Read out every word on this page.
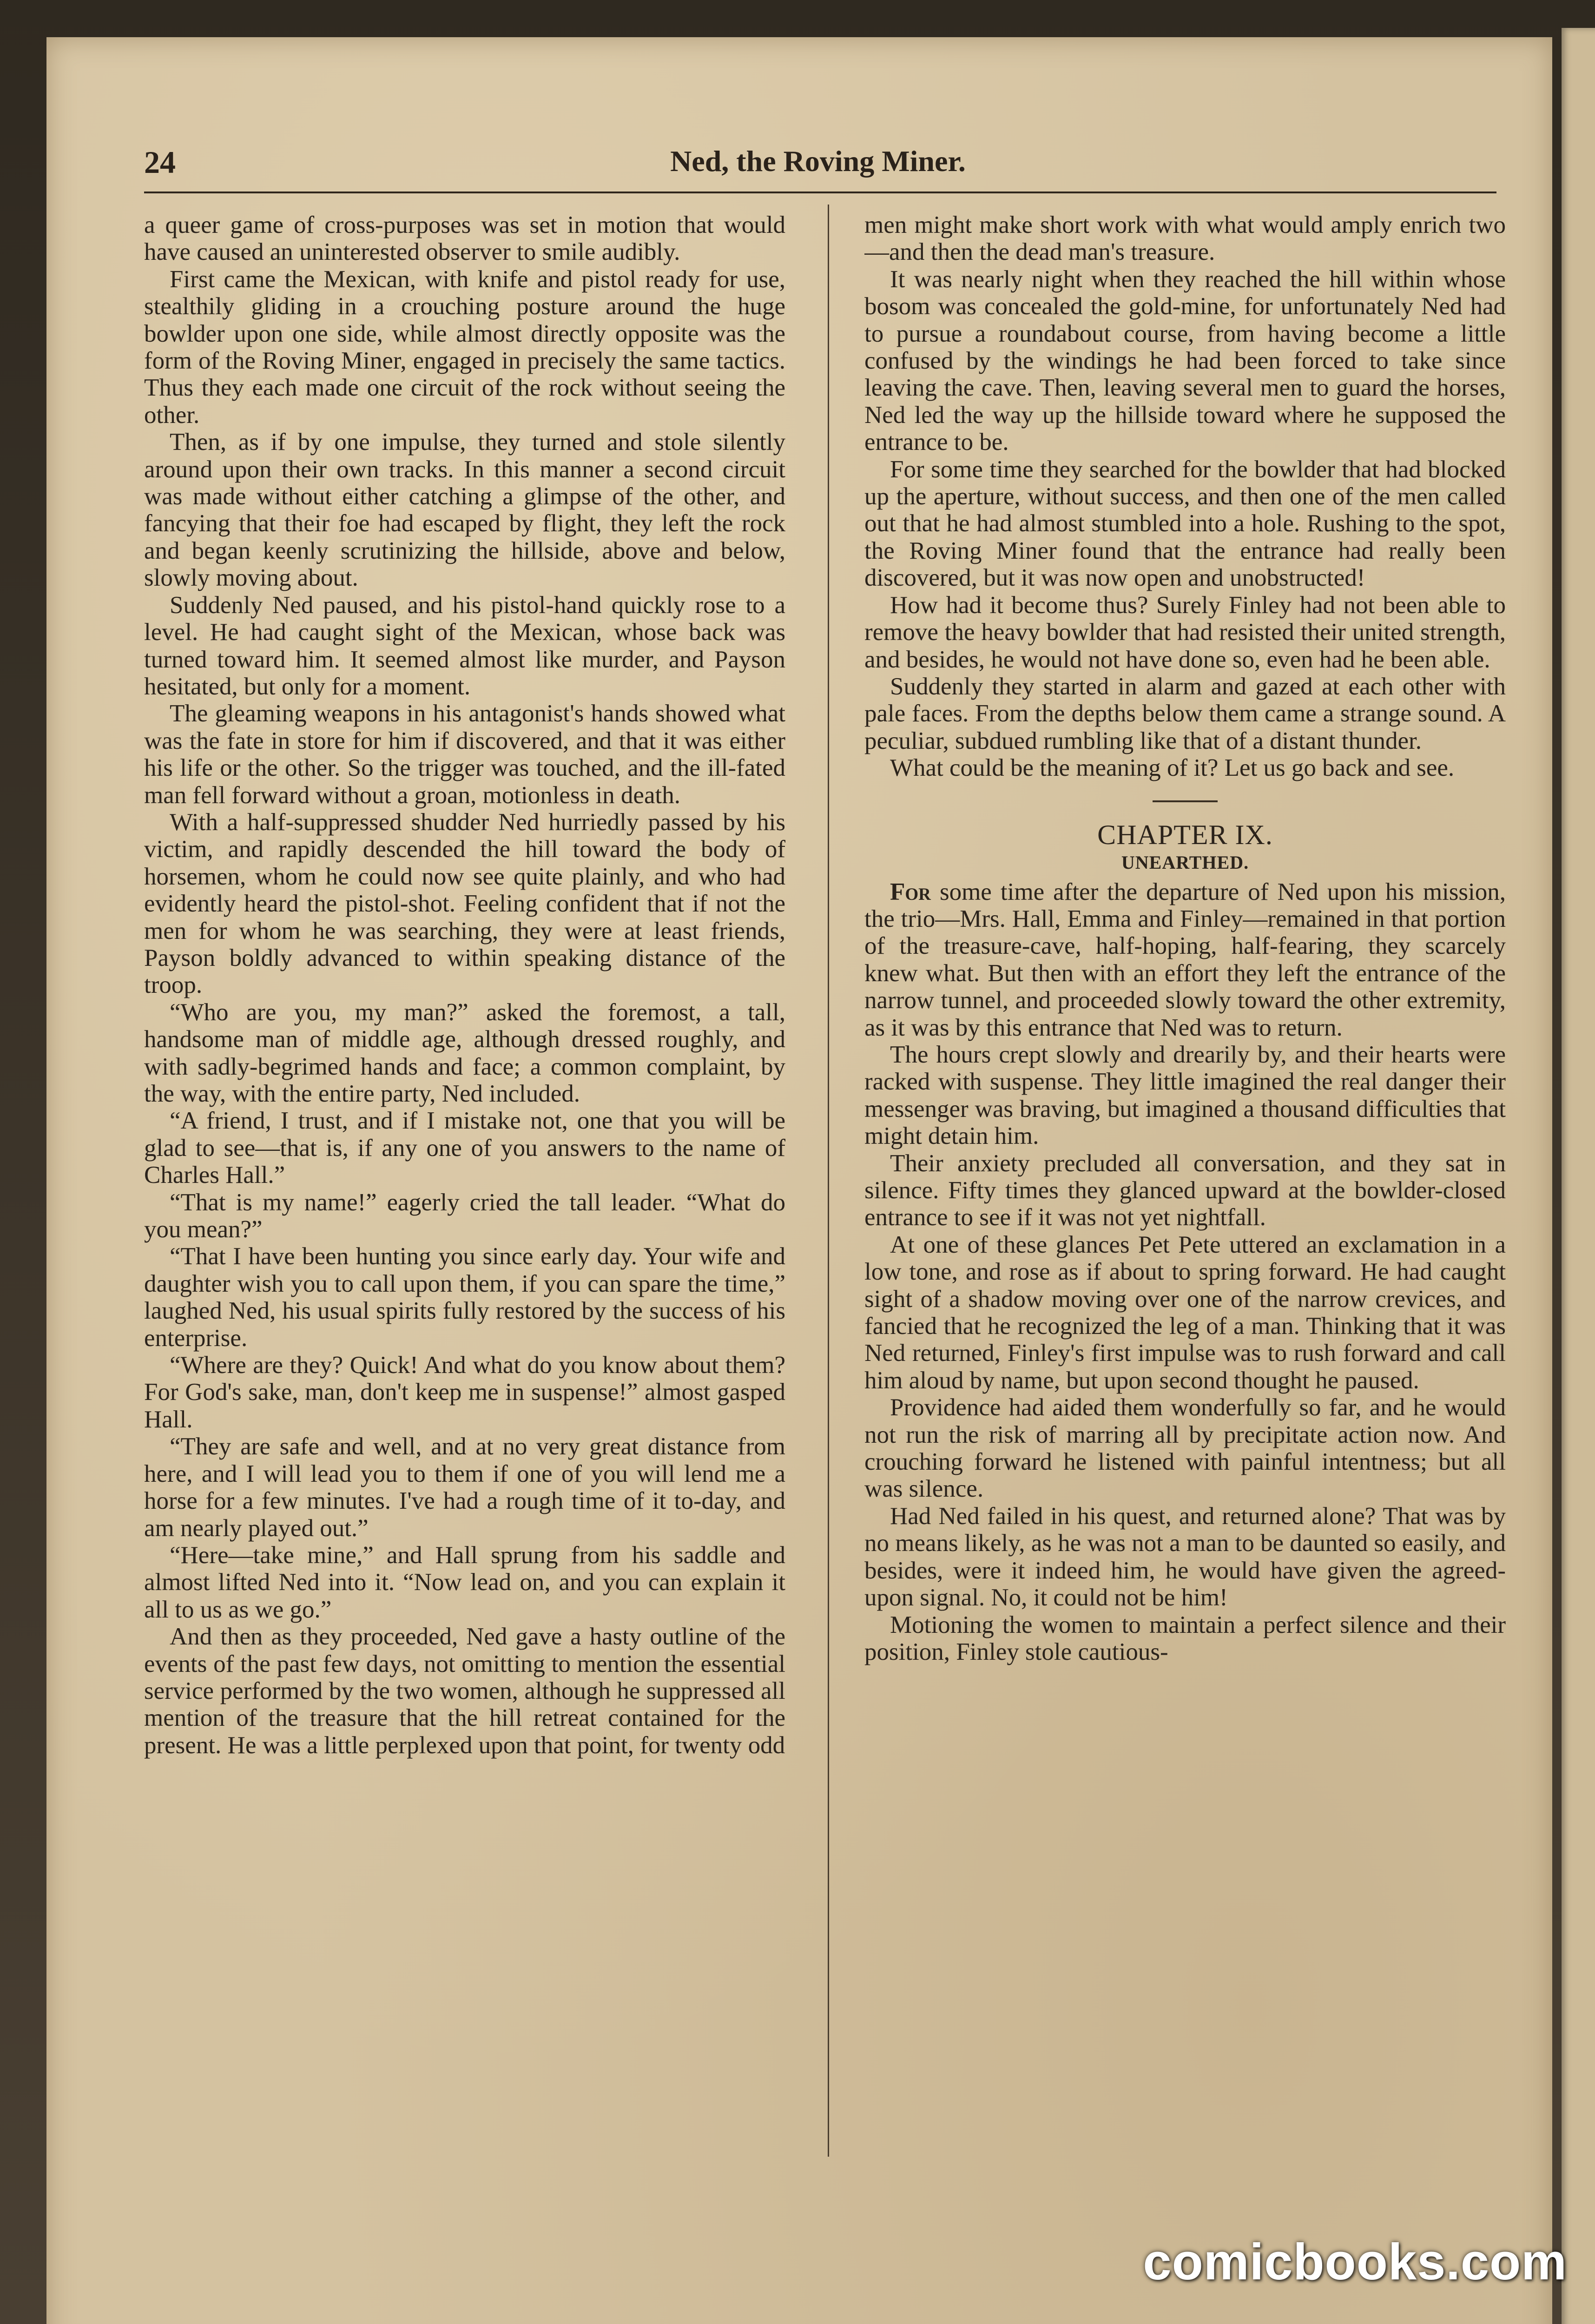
24	Ned, the Roving Miner.

a queer game of cross-purposes was set in motion that would have caused an uninterested observer to smile audibly.

First came the Mexican, with knife and pistol ready for use, stealthily gliding in a crouching posture around the huge bowlder upon one side, while almost directly opposite was the form of the Roving Miner, engaged in precisely the same tactics. Thus they each made one circuit of the rock without seeing the other.

Then, as if by one impulse, they turned and stole silently around upon their own tracks. In this manner a second circuit was made without either catching a glimpse of the other, and fancying that their foe had escaped by flight, they left the rock and began keenly scrutinizing the hillside, above and below, slowly moving about.

Suddenly Ned paused, and his pistol-hand quickly rose to a level. He had caught sight of the Mexican, whose back was turned toward him. It seemed almost like murder, and Payson hesitated, but only for a moment.

The gleaming weapons in his antagonist's hands showed what was the fate in store for him if discovered, and that it was either his life or the other. So the trigger was touched, and the ill-fated man fell forward without a groan, motionless in death.

With a half-suppressed shudder Ned hurriedly passed by his victim, and rapidly descended the hill toward the body of horsemen, whom he could now see quite plainly, and who had evidently heard the pistol-shot. Feeling confident that if not the men for whom he was searching, they were at least friends, Payson boldly advanced to within speaking distance of the troop.

“Who are you, my man?” asked the foremost, a tall, handsome man of middle age, although dressed roughly, and with sadly-begrimed hands and face; a common complaint, by the way, with the entire party, Ned included.

“A friend, I trust, and if I mistake not, one that you will be glad to see—that is, if any one of you answers to the name of Charles Hall.”

“That is my name!” eagerly cried the tall leader. “What do you mean?”

“That I have been hunting you since early day. Your wife and daughter wish you to call upon them, if you can spare the time,” laughed Ned, his usual spirits fully restored by the success of his enterprise.

“Where are they? Quick! And what do you know about them? For God's sake, man, don't keep me in suspense!” almost gasped Hall.

“They are safe and well, and at no very great distance from here, and I will lead you to them if one of you will lend me a horse for a few minutes. I've had a rough time of it to-day, and am nearly played out.”

“Here—take mine,” and Hall sprung from his saddle and almost lifted Ned into it. “Now lead on, and you can explain it all to us as we go.”

And then as they proceeded, Ned gave a hasty outline of the events of the past few days, not omitting to mention the essential service performed by the two women, although he suppressed all mention of the treasure that the hill retreat contained for the present. He was a little perplexed upon that point, for twenty odd

men might make short work with what would amply enrich two—and then the dead man's treasure.

It was nearly night when they reached the hill within whose bosom was concealed the gold-mine, for unfortunately Ned had to pursue a roundabout course, from having become a little confused by the windings he had been forced to take since leaving the cave. Then, leaving several men to guard the horses, Ned led the way up the hillside toward where he supposed the entrance to be.

For some time they searched for the bowlder that had blocked up the aperture, without success, and then one of the men called out that he had almost stumbled into a hole. Rushing to the spot, the Roving Miner found that the entrance had really been discovered, but it was now open and unobstructed!

How had it become thus? Surely Finley had not been able to remove the heavy bowlder that had resisted their united strength, and besides, he would not have done so, even had he been able.

Suddenly they started in alarm and gazed at each other with pale faces. From the depths below them came a strange sound. A peculiar, subdued rumbling like that of a distant thunder.

What could be the meaning of it? Let us go back and see.

CHAPTER IX.

UNEARTHED.

For some time after the departure of Ned upon his mission, the trio—Mrs. Hall, Emma and Finley—remained in that portion of the treasure-cave, half-hoping, half-fearing, they scarcely knew what. But then with an effort they left the entrance of the narrow tunnel, and proceeded slowly toward the other extremity, as it was by this entrance that Ned was to return.

The hours crept slowly and drearily by, and their hearts were racked with suspense. They little imagined the real danger their messenger was braving, but imagined a thousand difficulties that might detain him.

Their anxiety precluded all conversation, and they sat in silence. Fifty times they glanced upward at the bowlder-closed entrance to see if it was not yet nightfall.

At one of these glances Pet Pete uttered an exclamation in a low tone, and rose as if about to spring forward. He had caught sight of a shadow moving over one of the narrow crevices, and fancied that he recognized the leg of a man. Thinking that it was Ned returned, Finley's first impulse was to rush forward and call him aloud by name, but upon second thought he paused.

Providence had aided them wonderfully so far, and he would not run the risk of marring all by precipitate action now. And crouching forward he listened with painful intentness; but all was silence.

Had Ned failed in his quest, and returned alone? That was by no means likely, as he was not a man to be daunted so easily, and besides, were it indeed him, he would have given the agreed-upon signal. No, it could not be him!

Motioning the women to maintain a perfect silence and their position, Finley stole cautious-

comicbooks.com
